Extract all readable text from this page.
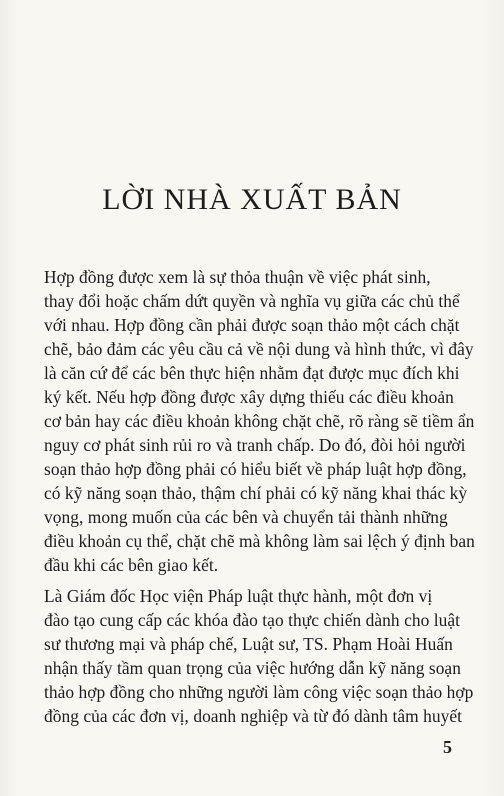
LỜI NHÀ XUẤT BẢN
Hợp đồng được xem là sự thỏa thuận về việc phát sinh,
thay đổi hoặc chấm dứt quyền và nghĩa vụ giữa các chủ thể
với nhau. Hợp đồng cần phải được soạn thảo một cách chặt
chẽ, bảo đảm các yêu cầu cả về nội dung và hình thức, vì đây
là căn cứ để các bên thực hiện nhằm đạt được mục đích khi
ký kết. Nếu hợp đồng được xây dựng thiếu các điều khoản
cơ bản hay các điều khoản không chặt chẽ, rõ ràng sẽ tiềm ẩn
nguy cơ phát sinh rủi ro và tranh chấp. Do đó, đòi hỏi người
soạn thảo hợp đồng phải có hiểu biết về pháp luật hợp đồng,
có kỹ năng soạn thảo, thậm chí phải có kỹ năng khai thác kỳ
vọng, mong muốn của các bên và chuyển tải thành những
điều khoản cụ thể, chặt chẽ mà không làm sai lệch ý định ban
đầu khi các bên giao kết.
Là Giám đốc Học viện Pháp luật thực hành, một đơn vị
đào tạo cung cấp các khóa đào tạo thực chiến dành cho luật
sư thương mại và pháp chế, Luật sư, TS. Phạm Hoài Huấn
nhận thấy tầm quan trọng của việc hướng dẫn kỹ năng soạn
thảo hợp đồng cho những người làm công việc soạn thảo hợp
đồng của các đơn vị, doanh nghiệp và từ đó dành tâm huyết
5
